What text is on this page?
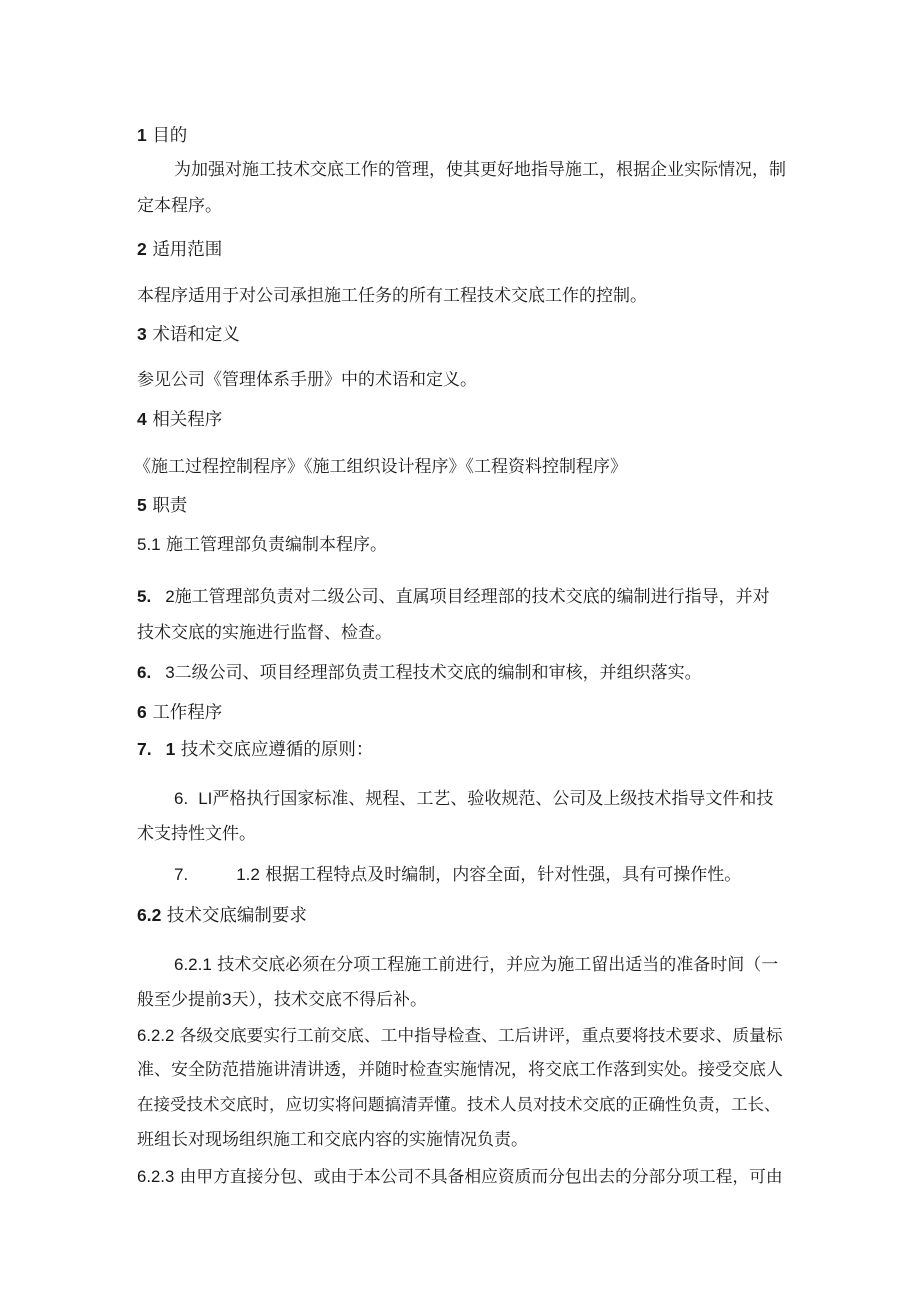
1 目的
为加强对施工技术交底工作的管理，使其更好地指导施工，根据企业实际情况，制
定本程序。
2 适用范围
本程序适用于对公司承担施工任务的所有工程技术交底工作的控制。
3 术语和定义
参见公司《管理体系手册》中的术语和定义。
4 相关程序
《施工过程控制程序》《施工组织设计程序》《工程资料控制程序》
5 职责
5.1 施工管理部负责编制本程序。
5. 2施工管理部负责对二级公司、直属项目经理部的技术交底的编制进行指导，并对
技术交底的实施进行监督、检查。
6. 3二级公司、项目经理部负责工程技术交底的编制和审核，并组织落实。
6 工作程序
7. 1 技术交底应遵循的原则：
6. LI严格执行国家标准、规程、工艺、验收规范、公司及上级技术指导文件和技
术支持性文件。
7.	1.2 根据工程特点及时编制，内容全面，针对性强，具有可操作性。
6.2 技术交底编制要求
6.2.1 技术交底必须在分项工程施工前进行，并应为施工留出适当的准备时间（一
般至少提前3天），技术交底不得后补。
6.2.2 各级交底要实行工前交底、工中指导检查、工后讲评，重点要将技术要求、质量标
准、安全防范措施讲清讲透，并随时检查实施情况，将交底工作落到实处。接受交底人
在接受技术交底时，应切实将问题搞清弄懂。技术人员对技术交底的正确性负责，工长、
班组长对现场组织施工和交底内容的实施情况负责。
6.2.3 由甲方直接分包、或由于本公司不具备相应资质而分包出去的分部分项工程，可由
